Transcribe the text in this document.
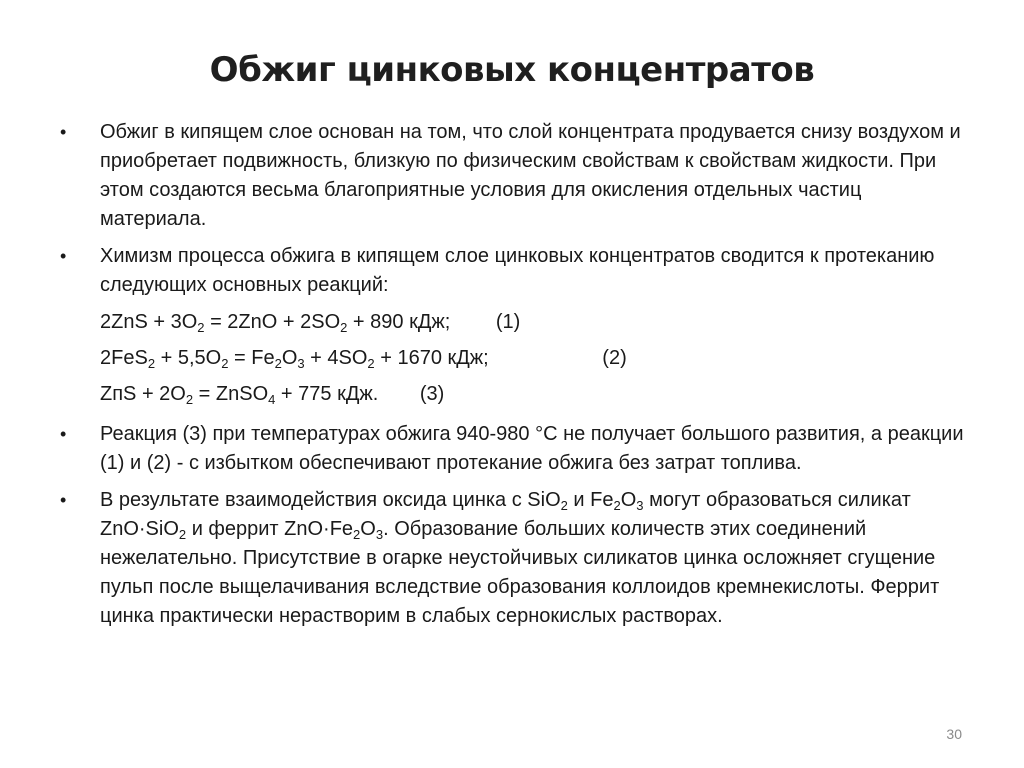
Обжиг цинковых концентратов
• Обжиг в кипящем слое основан на том, что слой концентрата продувается снизу воздухом и приобретает подвижность, близкую по физическим свойствам к свойствам жидкости. При этом создаются весьма благоприятные условия для окисления отдельных частиц материала.

• Химизм процесса обжига в кипящем слое цинковых концентратов сводится к протеканию следующих основных реакций:

$2ZnS + 3O_2 = 2ZnO + 2SO_2 + 890$ кДж; (1)
$2FeS_2 + 5,5O_2 = Fe_2O_3 + 4SO_2 + 1670$ кДж;	(2)
ZпS + $2O_2$ = ZnSO$_4$ + 775 кДж. (3)
• Реакция (3) при температурах обжига 940-980 °С не получает большого развития, а реакции (1) и (2) - с избытком обеспечивают протекание обжига без затрат топлива.

• В результате взаимодействия оксида цинка с SiO$_2$ и $Fe_2O_3$ могут образоваться силикат ZnO·SiO$_2$ и феррит $ZnO\cdot Fe_2O_3$. Образование больших количеств этих соединений нежелательно. Присутствие в огарке неустойчивых силикатов цинка осложняет сгущение пульп после выщелачивания вследствие образования коллоидов кремнекислоты. Феррит цинка практически нерастворим в слабых сернокислых растворах.

30
